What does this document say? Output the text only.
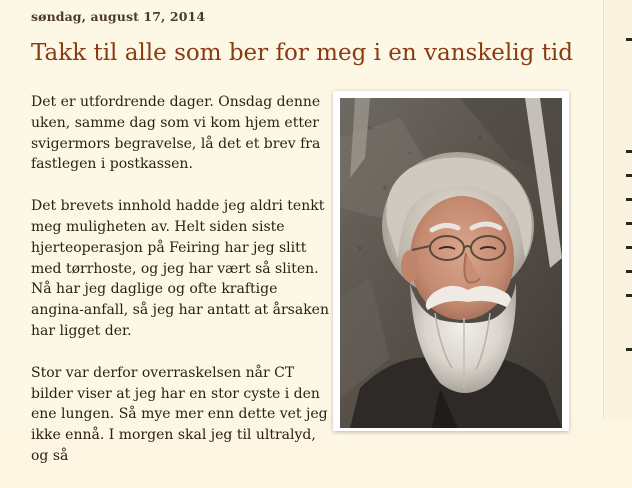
søndag, august 17, 2014
Takk til alle som ber for meg i en vanskelig tid

Det er utfordrende dager. Onsdag denne uken, samme dag som vi kom hjem etter svigermors begravelse, lå det et brev fra fastlegen i postkassen.

Det brevets innhold hadde jeg aldri tenkt meg muligheten av. Helt siden siste hjerteoperasjon på Feiring har jeg slitt med tørrhoste, og jeg har vært så sliten. Nå har jeg daglige og ofte kraftige angina-anfall, så jeg har antatt at årsaken har ligget der.

Stor var derfor overraskelsen når CT bilder viser at jeg har en stor cyste i den ene lungen. Så mye mer enn dette vet jeg ikke ennå. I morgen skal jeg til ultralyd, og så
